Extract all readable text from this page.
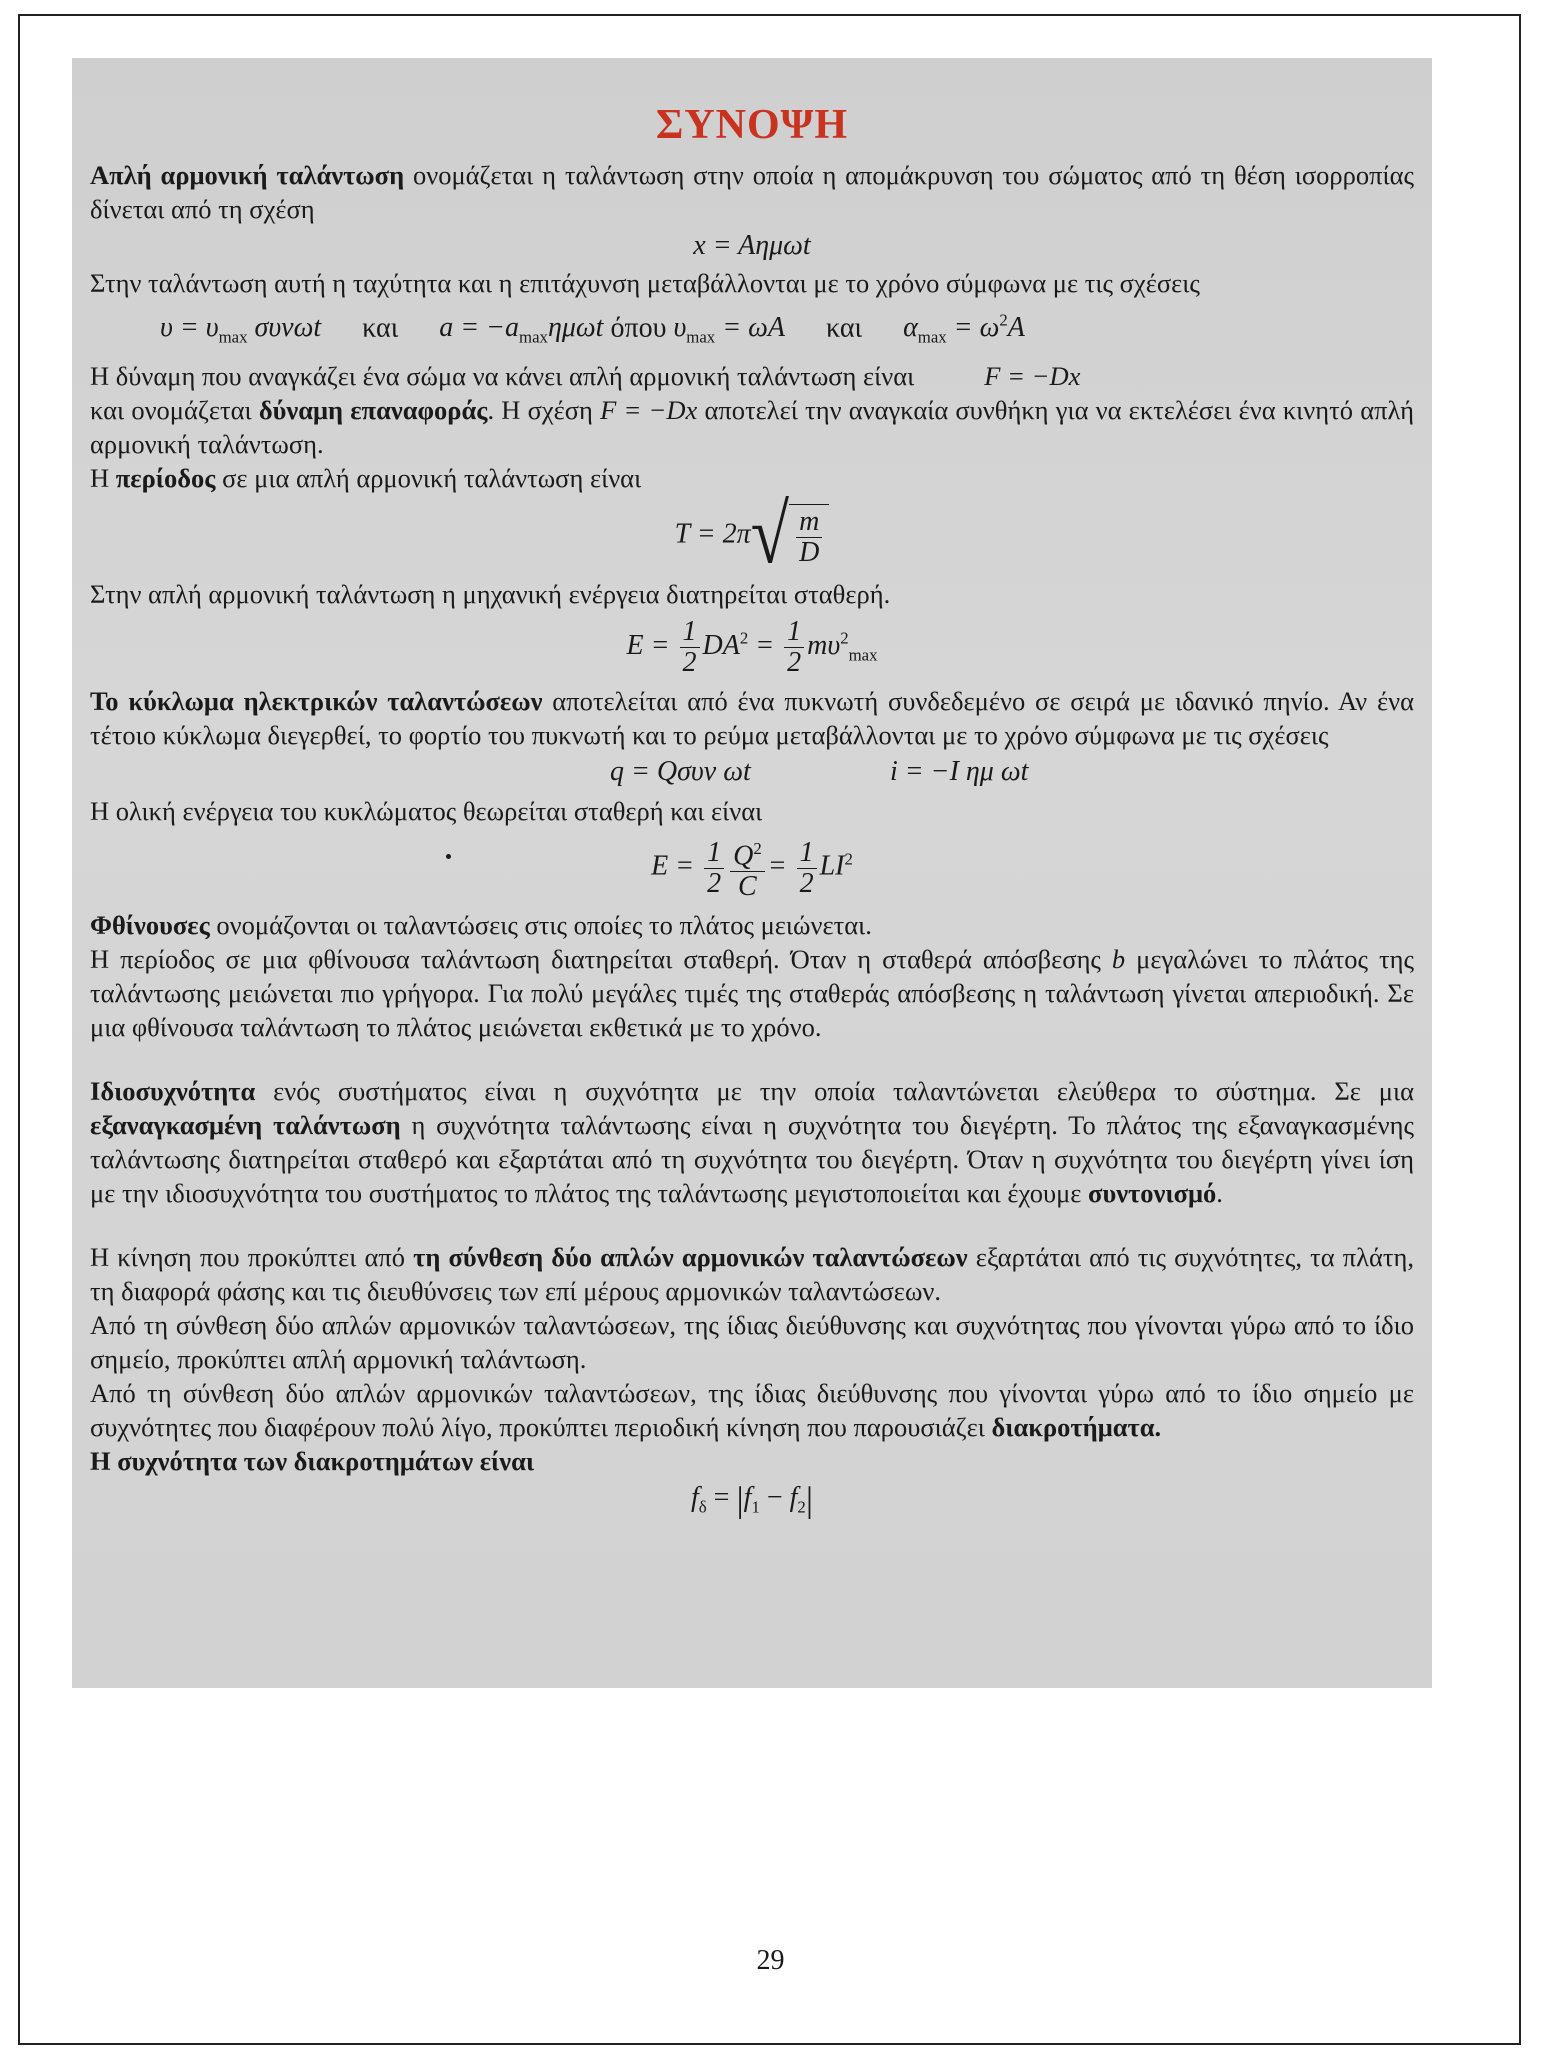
ΣΥΝΟΨΗ

Απλή αρμονική ταλάντωση ονομάζεται η ταλάντωση στην οποία η απομάκρυνση του σώματος από τη θέση ισορροπίας δίνεται από τη σχέση

x = Aημωt

Στην ταλάντωση αυτή η ταχύτητα και η επιτάχυνση μεταβάλλονται με το χρόνο σύμφωνα με τις σχέσεις

$\upsilon = \upsilon_{max}$ συνωt και $a = -a_{max}\eta\mu\omega t$ όπου $\upsilon_{max} = \omega A$ και $\alpha_{max} = \omega^2A$

Η δύναμη που αναγκάζει ένα σώμα να κάνει απλή αρμονική ταλάντωση είναι	F = −Dx

και ονομάζεται δύναμη επαναφοράς. Η σχέση F = −Dx αποτελεί την αναγκαία συνθήκη για να εκτελέσει ένα κινητό απλή αρμονική ταλάντωση.

Η περίοδος σε μια απλή αρμονική ταλάντωση είναι

$T = 2\pi√ \frac{m}{D}$

Στην απλή αρμονική ταλάντωση η μηχανική ενέργεια διατηρείται σταθερή.

$E = \frac{1}{2} DA^2 = \frac{1}{2} m\upsilon^2_{max}$

Το κύκλωμα ηλεκτρικών ταλαντώσεων αποτελείται από ένα πυκνωτή συνδεδεμένο σε σειρά με ιδανικό πηνίο. Αν ένα τέτοιο κύκλωμα διεγερθεί, το φορτίο του πυκνωτή και το ρεύμα μεταβάλλονται με το χρόνο σύμφωνα με τις σχέσεις

q = Qσυν ωt	i = −I ημ ωt

Η ολική ενέργεια του κυκλώματος θεωρείται σταθερή και είναι

$E = \frac{1}{2} \frac{Q^2}{C} = \frac{1}{2} LI^2$

Φθίνουσες ονομάζονται οι ταλαντώσεις στις οποίες το πλάτος μειώνεται.

Η περίοδος σε μια φθίνουσα ταλάντωση διατηρείται σταθερή. Όταν η σταθερά απόσβεσης b μεγαλώνει το πλάτος της ταλάντωσης μειώνεται πιο γρήγορα. Για πολύ μεγάλες τιμές της σταθεράς απόσβεσης η ταλάντωση γίνεται απεριοδική. Σε μια φθίνουσα ταλάντωση το πλάτος μειώνεται εκθετικά με το χρόνο.

Ιδιοσυχνότητα ενός συστήματος είναι η συχνότητα με την οποία ταλαντώνεται ελεύθερα το σύστημα. Σε μια εξαναγκασμένη ταλάντωση η συχνότητα ταλάντωσης είναι η συχνότητα του διεγέρτη. Το πλάτος της εξαναγκασμένης ταλάντωσης διατηρείται σταθερό και εξαρτάται από τη συχνότητα του διεγέρτη. Όταν η συχνότητα του διεγέρτη γίνει ίση με την ιδιοσυχνότητα του συστήματος το πλάτος της ταλάντωσης μεγιστοποιείται και έχουμε συντονισμό.

Η κίνηση που προκύπτει από τη σύνθεση δύο απλών αρμονικών ταλαντώσεων εξαρτάται από τις συχνότητες, τα πλάτη, τη διαφορά φάσης και τις διευθύνσεις των επί μέρους αρμονικών ταλαντώσεων.

Από τη σύνθεση δύο απλών αρμονικών ταλαντώσεων, της ίδιας διεύθυνσης και συχνότητας που γίνονται γύρω από το ίδιο σημείο, προκύπτει απλή αρμονική ταλάντωση.

Από τη σύνθεση δύο απλών αρμονικών ταλαντώσεων, της ίδιας διεύθυνσης που γίνονται γύρω από το ίδιο σημείο με συχνότητες που διαφέρουν πολύ λίγο, προκύπτει περιοδική κίνηση που παρουσιάζει διακροτήματα.

Η συχνότητα των διακροτημάτων είναι

$f_\delta = |f_1 - f_2|$
29
